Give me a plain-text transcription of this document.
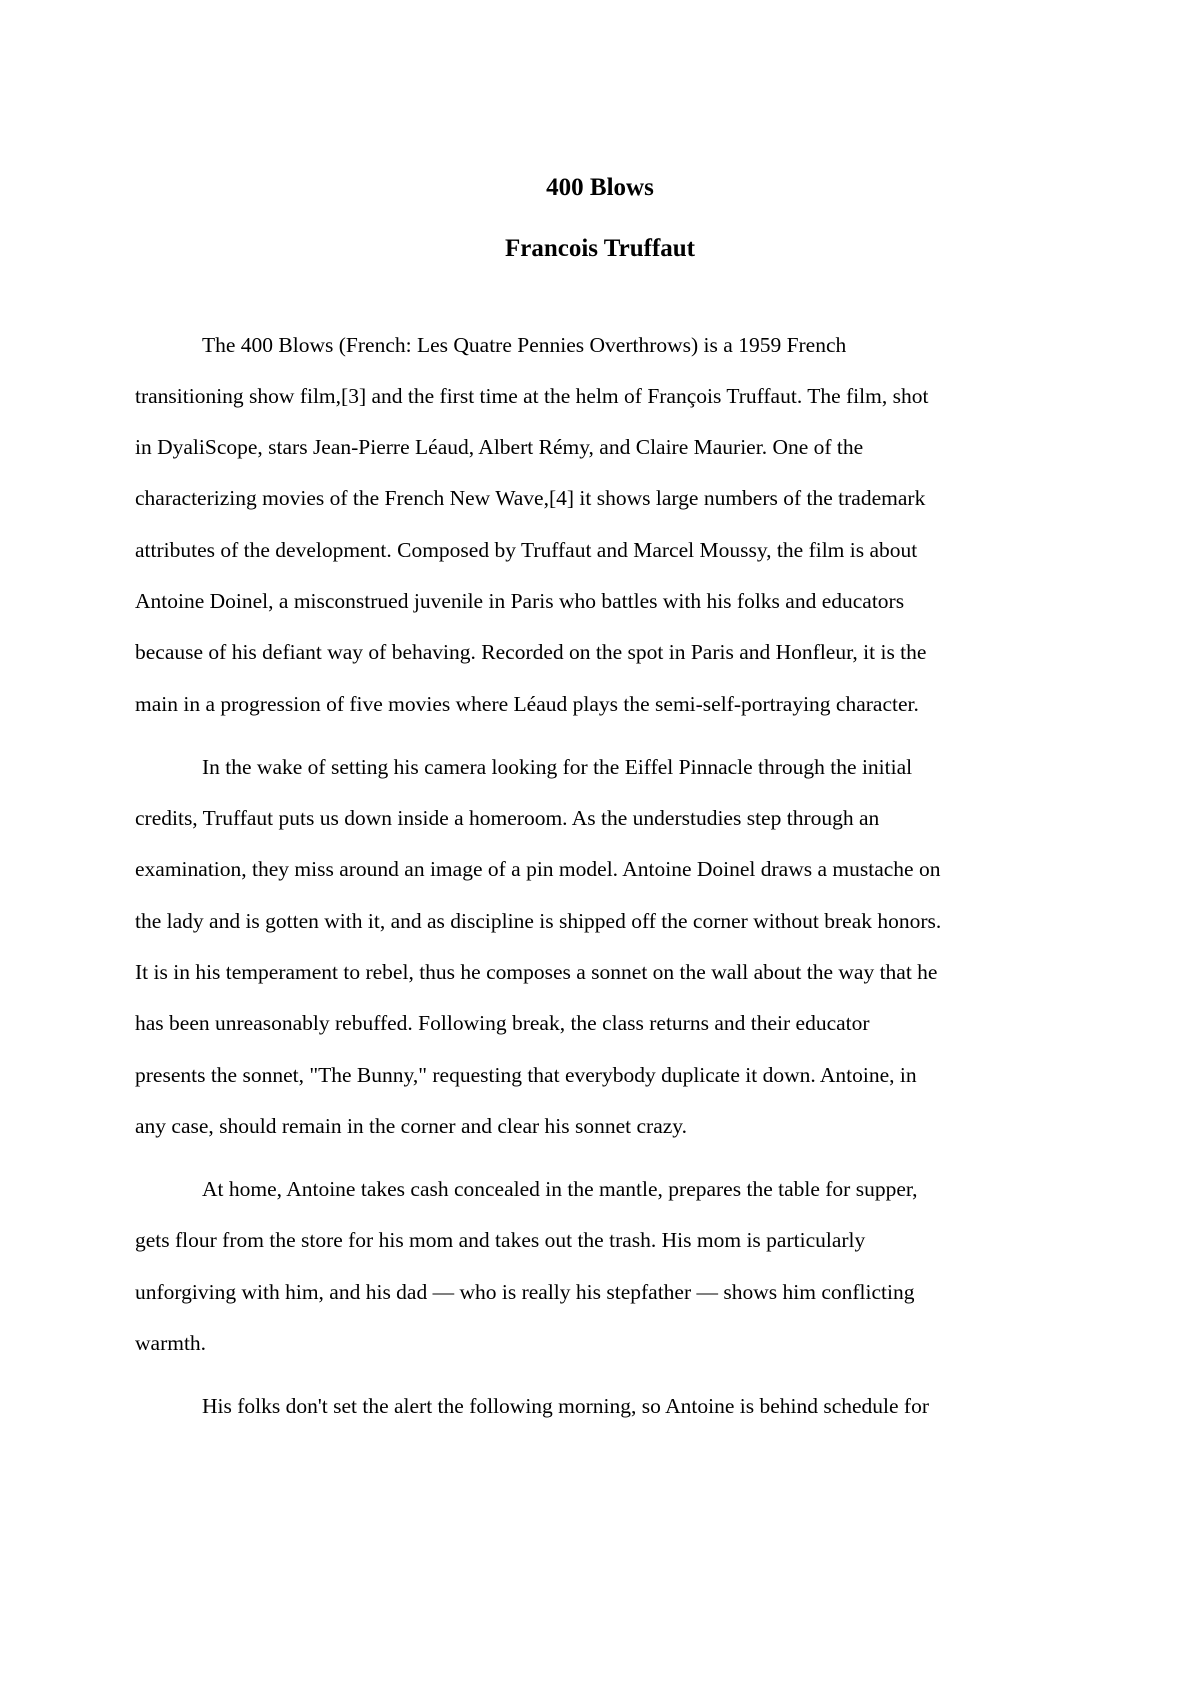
400 Blows
Francois Truffaut

The 400 Blows (French: Les Quatre Pennies Overthrows) is a 1959 French

transitioning show film,[3] and the first time at the helm of François Truffaut. The film, shot

in DyaliScope, stars Jean-Pierre Léaud, Albert Rémy, and Claire Maurier. One of the

characterizing movies of the French New Wave,[4] it shows large numbers of the trademark

attributes of the development. Composed by Truffaut and Marcel Moussy, the film is about

Antoine Doinel, a misconstrued juvenile in Paris who battles with his folks and educators

because of his defiant way of behaving. Recorded on the spot in Paris and Honfleur, it is the

main in a progression of five movies where Léaud plays the semi-self-portraying character.

In the wake of setting his camera looking for the Eiffel Pinnacle through the initial

credits, Truffaut puts us down inside a homeroom. As the understudies step through an

examination, they miss around an image of a pin model. Antoine Doinel draws a mustache on

the lady and is gotten with it, and as discipline is shipped off the corner without break honors.

It is in his temperament to rebel, thus he composes a sonnet on the wall about the way that he

has been unreasonably rebuffed. Following break, the class returns and their educator

presents the sonnet, "The Bunny," requesting that everybody duplicate it down. Antoine, in

any case, should remain in the corner and clear his sonnet crazy.

At home, Antoine takes cash concealed in the mantle, prepares the table for supper,

gets flour from the store for his mom and takes out the trash. His mom is particularly

unforgiving with him, and his dad — who is really his stepfather — shows him conflicting

warmth.

His folks don't set the alert the following morning, so Antoine is behind schedule for
